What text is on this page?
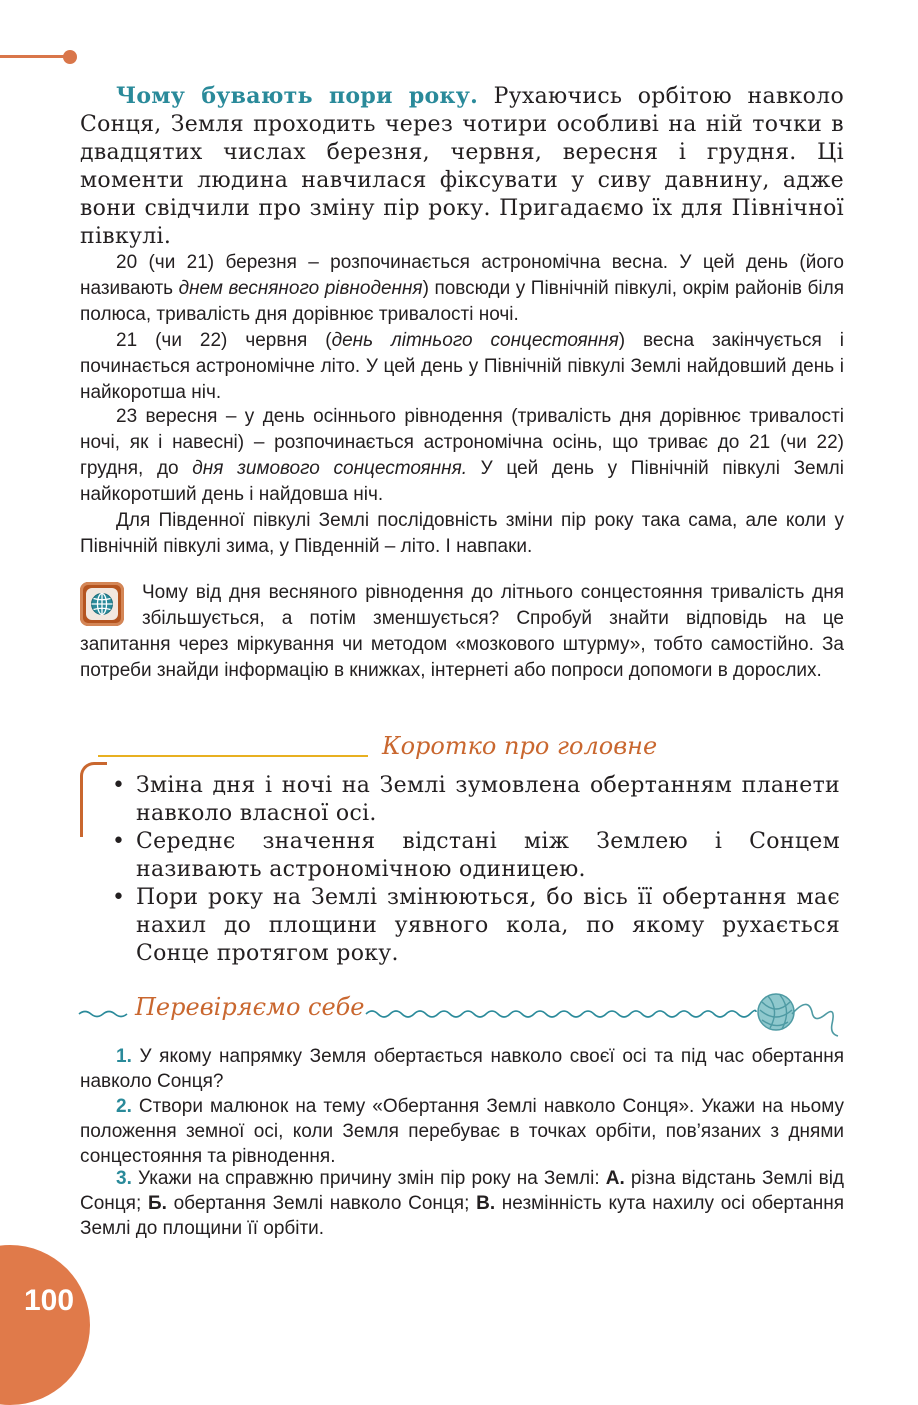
Чому бувають пори року. Рухаючись орбітою навколо Сонця, Земля проходить через чотири особливі на ній точки в двадцятих числах березня, червня, вересня і грудня. Ці моменти людина навчилася фіксувати у сиву давнину, адже вони свідчили про зміну пір року. Пригадаємо їх для Північної півкулі.

20 (чи 21) березня – розпочинається астрономічна весна. У цей день (його називають днем весняного рівнодення) повсюди у Північній півкулі, окрім районів біля полюса, тривалість дня дорівнює тривалості ночі.

21 (чи 22) червня (день літнього сонцестояння) весна закінчується і починається астрономічне літо. У цей день у Північній півкулі Землі найдовший день і найкоротша ніч.

23 вересня – у день осіннього рівнодення (тривалість дня дорівнює тривалості ночі, як і навесні) – розпочинається астрономічна осінь, що триває до 21 (чи 22) грудня, до дня зимового сонцестояння. У цей день у Північній півкулі Землі найкоротший день і найдовша ніч.

Для Південної півкулі Землі послідовність зміни пір року така сама, але коли у Північній півкулі зима, у Південній – літо. І навпаки.

Чому від дня весняного рівнодення до літнього сонцестояння тривалість дня збільшується, а потім зменшується? Спробуй знайти відповідь на це запитання через міркування чи методом «мозкового штурму», тобто самостійно. За потреби знайди інформацію в книжках, інтернеті або попроси допомоги в дорослих.

Коротко про головне
• Зміна дня і ночі на Землі зумовлена обертанням планети навколо власної осі.
• Середнє значення відстані між Землею і Сонцем називають астрономічною одиницею.
• Пори року на Землі змінюються, бо вісь її обертання має нахил до площини уявного кола, по якому рухається Сонце протягом року.
Перевіряємо себе

1. У якому напрямку Земля обертається навколо своєї осі та під час обертання навколо Сонця?

2. Створи малюнок на тему «Обертання Землі навколо Сонця». Укажи на ньому положення земної осі, коли Земля перебуває в точках орбіти, пов’язаних з днями сонцестояння та рівнодення.

3. Укажи на справжню причину змін пір року на Землі: А. різна відстань Землі від Сонця; Б. обертання Землі навколо Сонця; В. незмінність кута нахилу осі обертання Землі до площини її орбіти.

100
